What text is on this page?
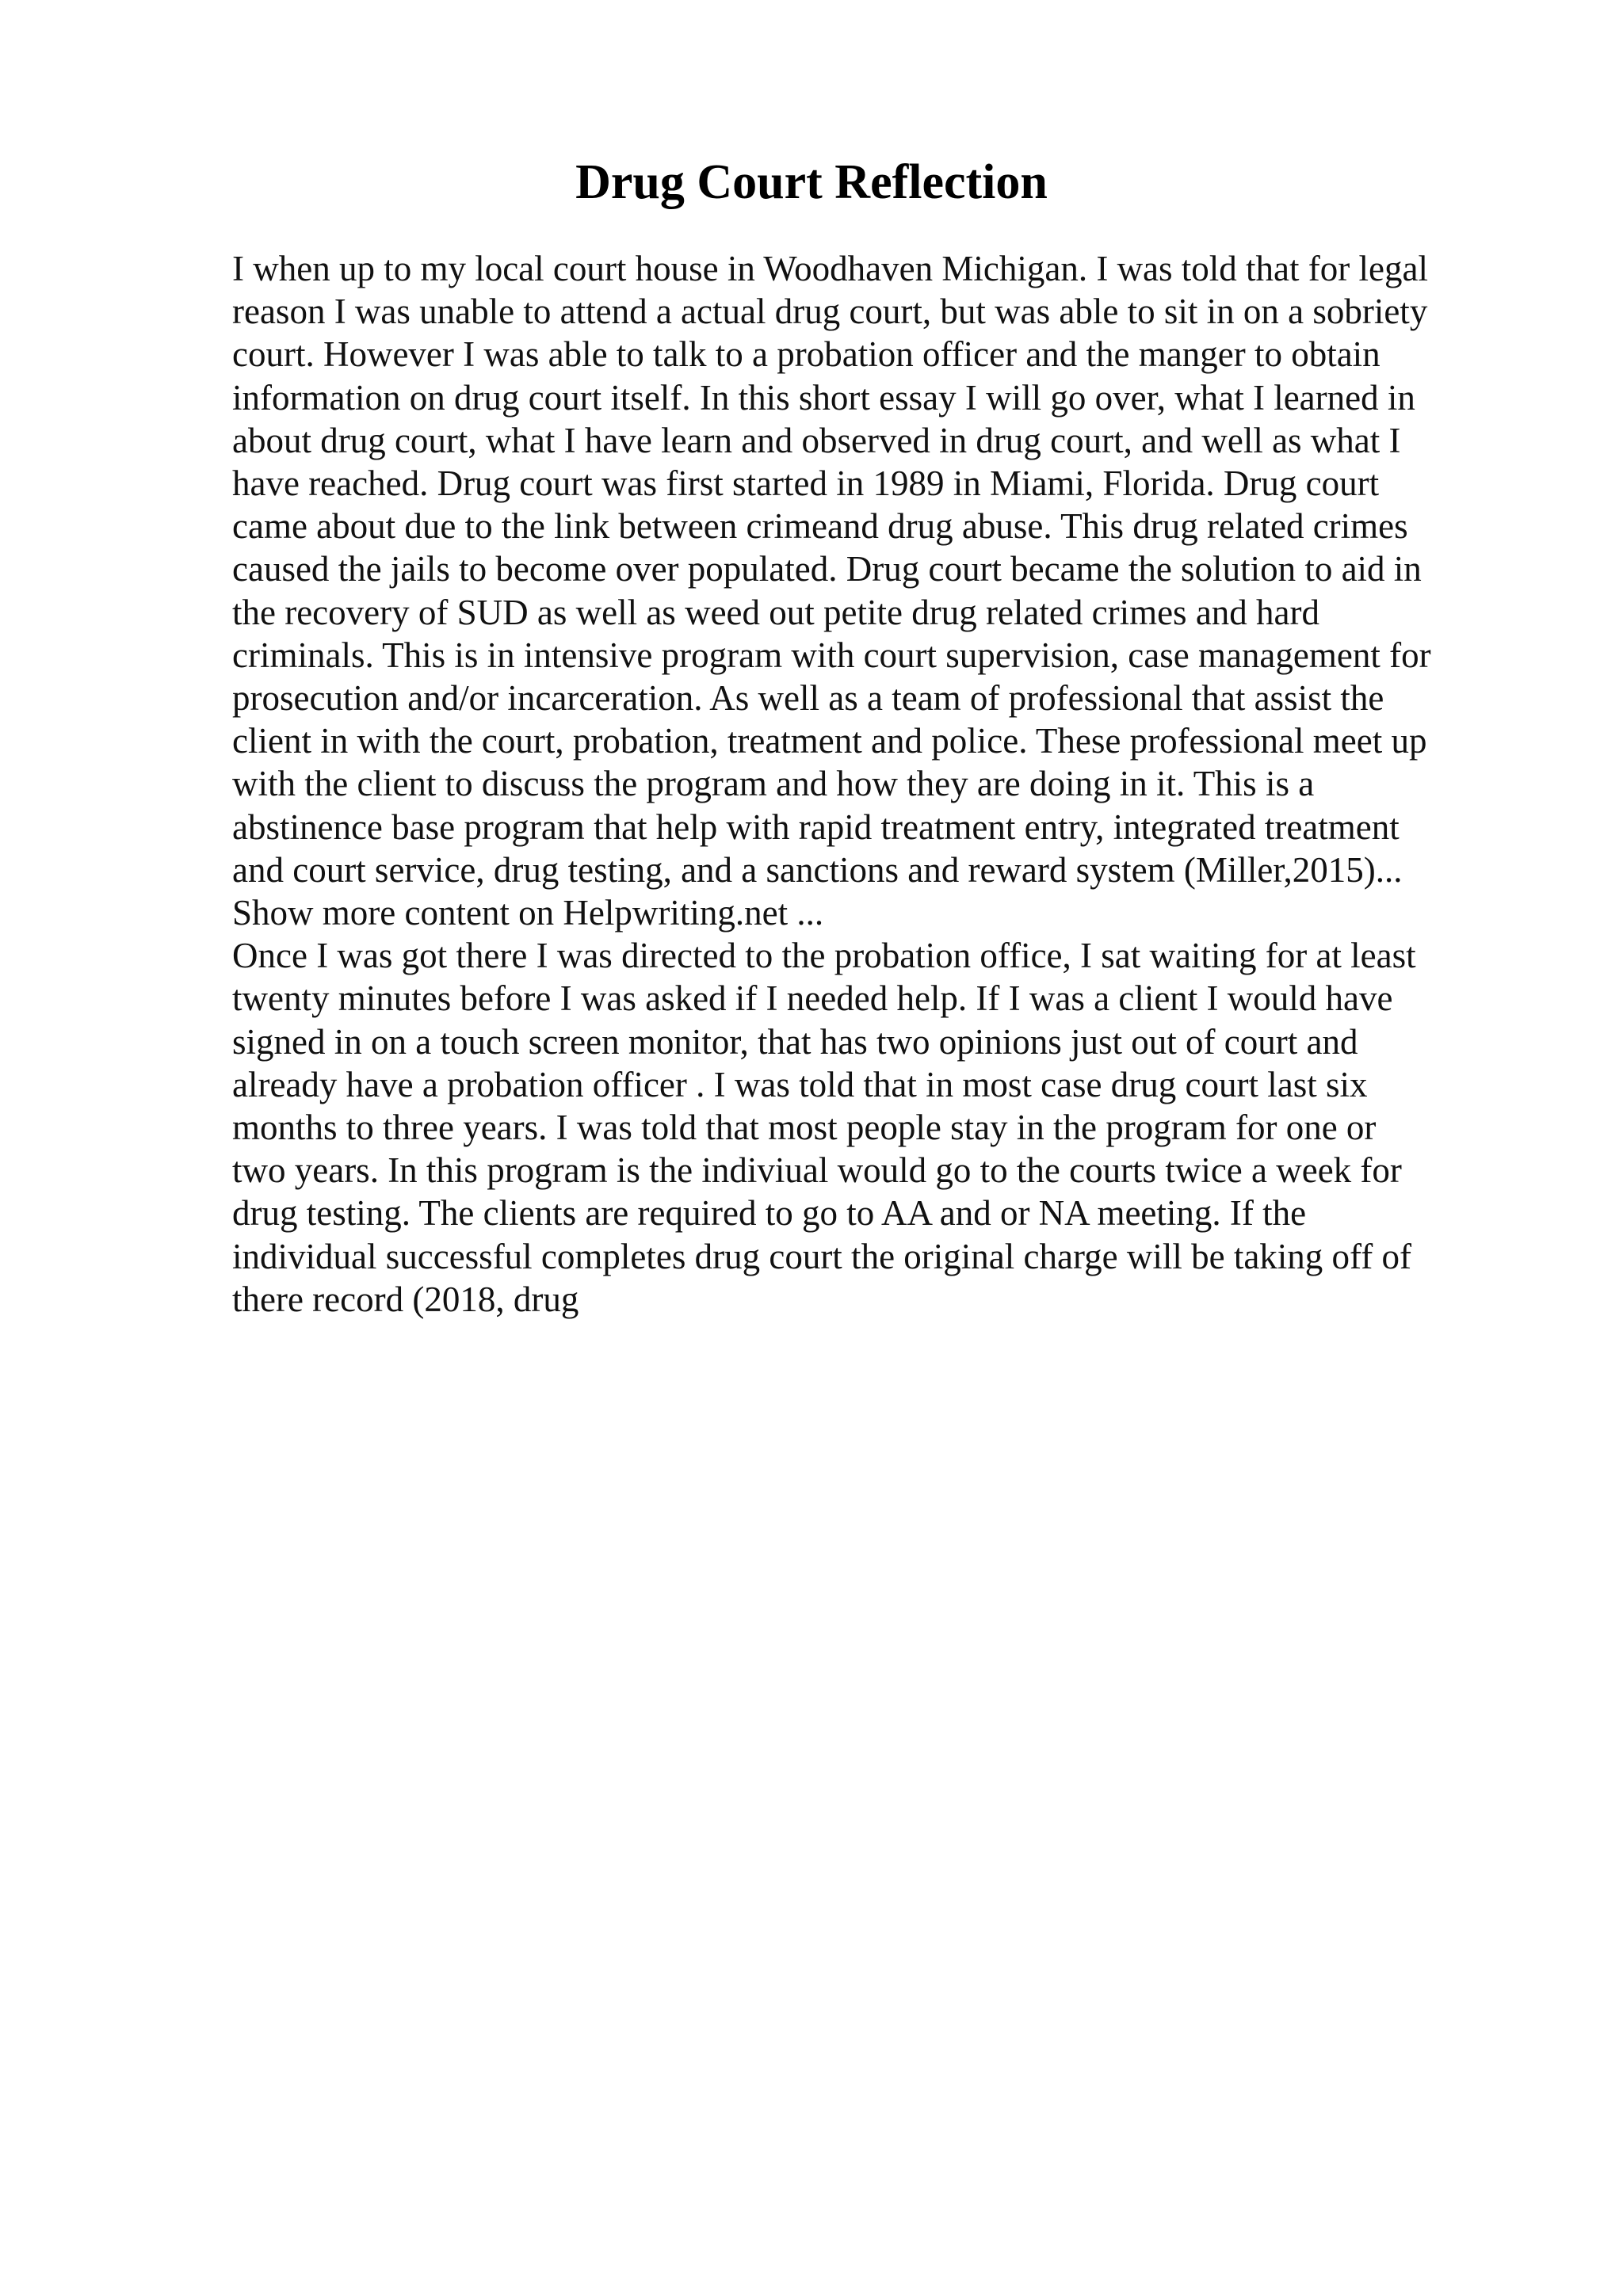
Drug Court Reflection
I when up to my local court house in Woodhaven Michigan. I was told that for legal
reason I was unable to attend a actual drug court, but was able to sit in on a sobriety
court. However I was able to talk to a probation officer and the manger to obtain
information on drug court itself. In this short essay I will go over, what I learned in
about drug court, what I have learn and observed in drug court, and well as what I
have reached. Drug court was first started in 1989 in Miami, Florida. Drug court
came about due to the link between crimeand drug abuse. This drug related crimes
caused the jails to become over populated. Drug court became the solution to aid in
the recovery of SUD as well as weed out petite drug related crimes and hard
criminals. This is in intensive program with court supervision, case management for
prosecution and/or incarceration. As well as a team of professional that assist the
client in with the court, probation, treatment and police. These professional meet up
with the client to discuss the program and how they are doing in it. This is a
abstinence base program that help with rapid treatment entry, integrated treatment
and court service, drug testing, and a sanctions and reward system (Miller,2015)...
Show more content on Helpwriting.net ...
Once I was got there I was directed to the probation office, I sat waiting for at least
twenty minutes before I was asked if I needed help. If I was a client I would have
signed in on a touch screen monitor, that has two opinions just out of court and
already have a probation officer . I was told that in most case drug court last six
months to three years. I was told that most people stay in the program for one or
two years. In this program is the indiviual would go to the courts twice a week for
drug testing. The clients are required to go to AA and or NA meeting. If the
individual successful completes drug court the original charge will be taking off of
there record (2018, drug
